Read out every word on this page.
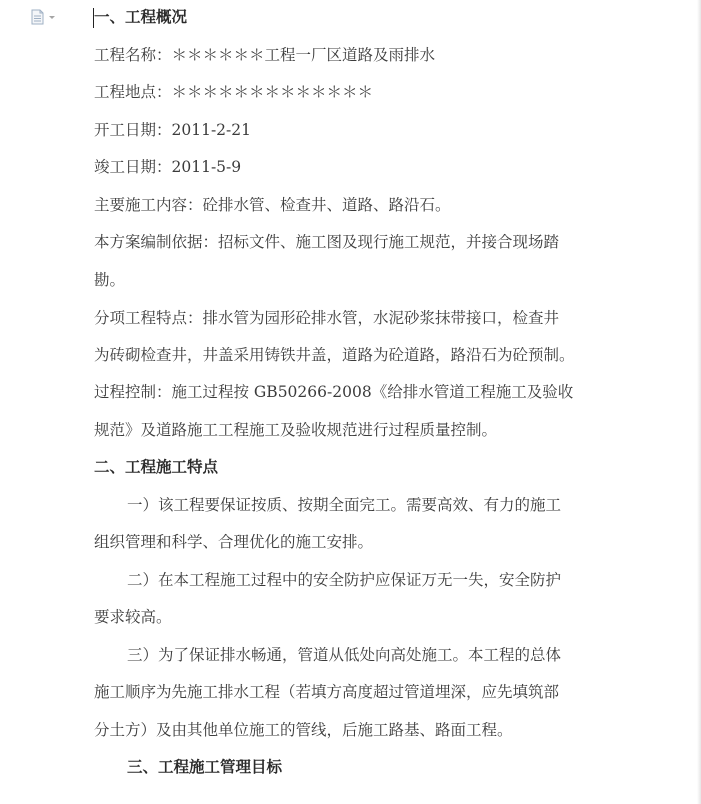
一、工程概况
工程名称：＊＊＊＊＊＊工程一厂区道路及雨排水
工程地点：＊＊＊＊＊＊＊＊＊＊＊＊＊
开工日期：2011-2-21
竣工日期：2011-5-9
主要施工内容：砼排水管、检查井、道路、路沿石。
本方案编制依据：招标文件、施工图及现行施工规范，并接合现场踏
勘。
分项工程特点：排水管为园形砼排水管，水泥砂浆抹带接口，检查井
为砖砌检查井，井盖采用铸铁井盖，道路为砼道路，路沿石为砼预制。
过程控制：施工过程按 GB50266-2008《给排水管道工程施工及验收
规范》及道路施工工程施工及验收规范进行过程质量控制。
二、工程施工特点
一）该工程要保证按质、按期全面完工。需要高效、有力的施工
组织管理和科学、合理优化的施工安排。
二）在本工程施工过程中的安全防护应保证万无一失，安全防护
要求较高。
三）为了保证排水畅通，管道从低处向高处施工。本工程的总体
施工顺序为先施工排水工程（若填方高度超过管道埋深，应先填筑部
分土方）及由其他单位施工的管线，后施工路基、路面工程。
三、工程施工管理目标
